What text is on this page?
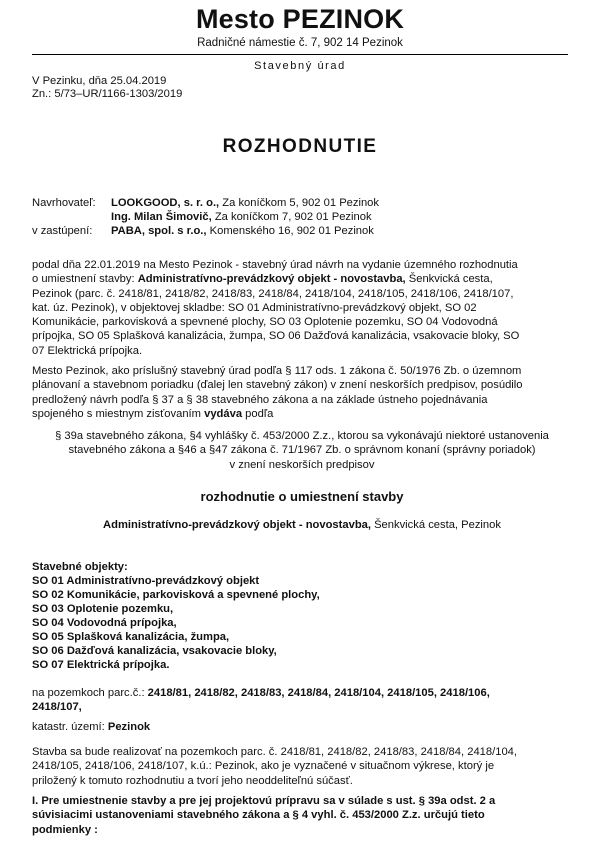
Mesto PEZINOK
Radničné námestie č. 7, 902 14 Pezinok
Stavebný úrad
V Pezinku, dňa 25.04.2019
Zn.: 5/73–UR/1166-1303/2019
ROZHODNUTIE
Navrhovateľ: LOOKGOOD, s. r. o., Za koníčkom 5, 902 01 Pezinok
Ing. Milan Šimovič, Za koníčkom 7, 902 01 Pezinok
v zastúpení: PABA, spol. s r.o., Komenského 16, 902 01 Pezinok
podal dňa 22.01.2019 na Mesto Pezinok - stavebný úrad návrh na vydanie územného rozhodnutia
o umiestnení stavby: Administratívno-prevádzkový objekt - novostavba, Šenkvická cesta,
Pezinok (parc. č. 2418/81, 2418/82, 2418/83, 2418/84, 2418/104, 2418/105, 2418/106, 2418/107,
kat. úz. Pezinok), v objektovej skladbe: SO 01 Administratívno-prevádzkový objekt, SO 02
Komunikácie, parkovisková a spevnené plochy, SO 03 Oplotenie pozemku, SO 04 Vodovodná
prípojka, SO 05 Splašková kanalizácia, žumpa, SO 06 Dažďová kanalizácia, vsakovacie bloky, SO
07 Elektrická prípojka.
Mesto Pezinok, ako príslušný stavebný úrad podľa § 117 ods. 1 zákona č. 50/1976 Zb. o územnom
plánovaní a stavebnom poriadku (ďalej len stavebný zákon) v znení neskorších predpisov, posúdilo
predložený návrh podľa § 37 a § 38 stavebného zákona a na základe ústneho pojednávania
spojeného s miestnym zisťovaním vydáva podľa
§ 39a stavebného zákona, §4 vyhlášky č. 453/2000 Z.z., ktorou sa vykonávajú niektoré ustanovenia
stavebného zákona a §46 a §47 zákona č. 71/1967 Zb. o správnom konaní (správny poriadok)
v znení neskorších predpisov
rozhodnutie o umiestnení stavby
Administratívno-prevádzkový objekt - novostavba, Šenkvická cesta, Pezinok
Stavebné objekty:
SO 01 Administratívno-prevádzkový objekt
SO 02 Komunikácie, parkovisková a spevnené plochy,
SO 03 Oplotenie pozemku,
SO 04 Vodovodná prípojka,
SO 05 Splašková kanalizácia, žumpa,
SO 06 Dažďová kanalizácia, vsakovacie bloky,
SO 07 Elektrická prípojka.
na pozemkoch parc.č.: 2418/81, 2418/82, 2418/83, 2418/84, 2418/104, 2418/105, 2418/106,
2418/107,
katastr. území: Pezinok
Stavba sa bude realizovať na pozemkoch parc. č. 2418/81, 2418/82, 2418/83, 2418/84, 2418/104,
2418/105, 2418/106, 2418/107, k.ú.: Pezinok, ako je vyznačené v situačnom výkrese, ktorý je
priložený k tomuto rozhodnutiu a tvorí jeho neoddeliteľnú súčasť.
I. Pre umiestnenie stavby a pre jej projektovú prípravu sa v súlade s ust. § 39a odst. 2 a
súvisiacimi ustanoveniami stavebného zákona a § 4 vyhl. č. 453/2000 Z.z. určujú tieto
podmienky :
